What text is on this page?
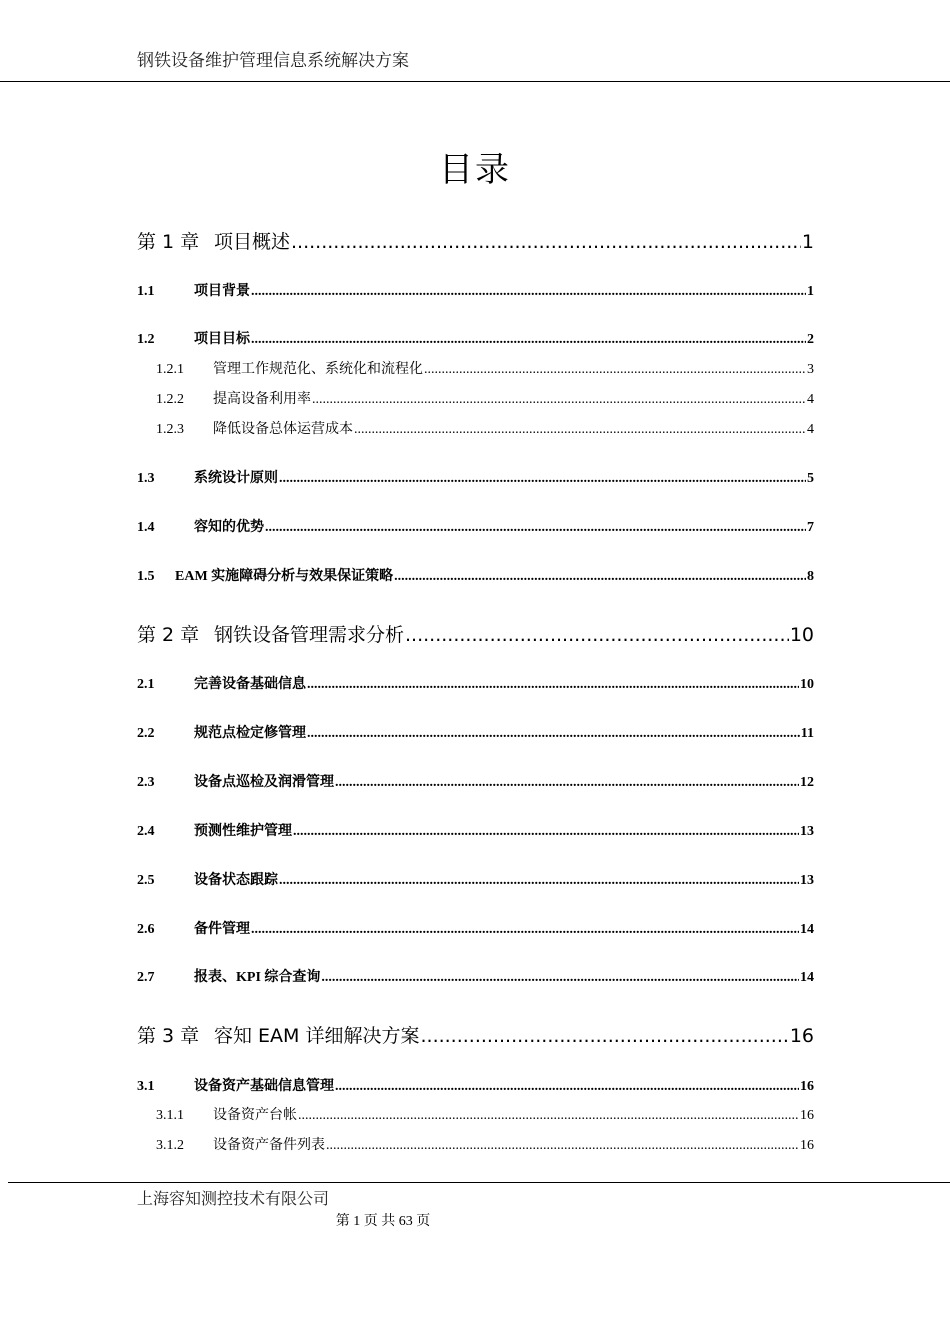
钢铁设备维护管理信息系统解决方案
目录
第 1 章 项目概述 .....	1
1.1	项目背景 .....	1
1.2	项目目标 .....	2
1.2.1	管理工作规范化、系统化和流程化 .....	3
1.2.2	提高设备利用率 .....	4
1.2.3	降低设备总体运营成本 .....	4
1.3	系统设计原则 .....	5
1.4	容知的优势 .....	7
1.5	EAM 实施障碍分析与效果保证策略 .....	8
第 2 章 钢铁设备管理需求分析 .....	10
2.1	完善设备基础信息 .....	10
2.2	规范点检定修管理 .....	11
2.3	设备点巡检及润滑管理 .....	12
2.4	预测性维护管理 .....	13
2.5	设备状态跟踪 .....	13
2.6	备件管理 .....	14
2.7	报表、KPI 综合查询 .....	14
第 3 章 容知 EAM 详细解决方案 .....	16
3.1	设备资产基础信息管理 .....	16
3.1.1	设备资产台帐 .....	16
3.1.2	设备资产备件列表 .....	16
上海容知测控技术有限公司
第 1 页 共 63 页
